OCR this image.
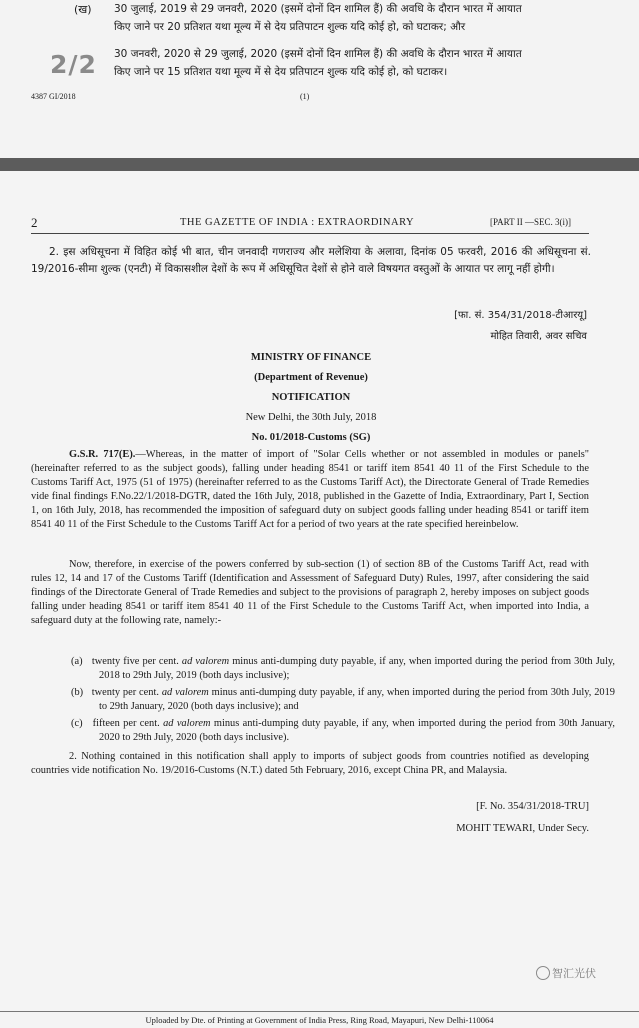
(ख) 30 जुलाई, 2019 से 29 जनवरी, 2020 (इसमें दोनों दिन शामिल हैं) की अवधि के दौरान भारत में आयात
किए जाने पर 20 प्रतिशत यथा मूल्य में से देय प्रतिपाटन शुल्क यदि कोई हो, को घटाकर; और
30 जनवरी, 2020 से 29 जुलाई, 2020 (इसमें दोनों दिन शामिल हैं) की अवधि के दौरान भारत में आयात
किए जाने पर 15 प्रतिशत यथा मूल्य में से देय प्रतिपाटन शुल्क यदि कोई हो, को घटाकर।
2/2
4387 GI/2018	(1)
2	THE GAZETTE OF INDIA : EXTRAORDINARY	[PART II —SEC. 3(i)]
2. इस अधिसूचना में विहित कोई भी बात, चीन जनवादी गणराज्य और मलेशिया के अलावा, दिनांक 05 फरवरी, 2016 की अधिसूचना सं. 19/2016-सीमा शुल्क (एनटी) में विकासशील देशों के रूप में अधिसूचित देशों से होने वाले विषयगत वस्तुओं के आयात पर लागू नहीं होगी।
[फा. सं. 354/31/2018-टीआरयू]
मोहित तिवारी, अवर सचिव
MINISTRY OF FINANCE
(Department of Revenue)
NOTIFICATION
New Delhi, the 30th July, 2018
No. 01/2018-Customs (SG)
G.S.R. 717(E).—Whereas, in the matter of import of "Solar Cells whether or not assembled in modules or panels" (hereinafter referred to as the subject goods), falling under heading 8541 or tariff item 8541 40 11 of the First Schedule to the Customs Tariff Act, 1975 (51 of 1975) (hereinafter referred to as the Customs Tariff Act), the Directorate General of Trade Remedies vide final findings F.No.22/1/2018-DGTR, dated the 16th July, 2018, published in the Gazette of India, Extraordinary, Part I, Section 1, on 16th July, 2018, has recommended the imposition of safeguard duty on subject goods falling under heading 8541 or tariff item 8541 40 11 of the First Schedule to the Customs Tariff Act for a period of two years at the rate specified hereinbelow.
Now, therefore, in exercise of the powers conferred by sub-section (1) of section 8B of the Customs Tariff Act, read with rules 12, 14 and 17 of the Customs Tariff (Identification and Assessment of Safeguard Duty) Rules, 1997, after considering the said findings of the Directorate General of Trade Remedies and subject to the provisions of paragraph 2, hereby imposes on subject goods falling under heading 8541 or tariff item 8541 40 11 of the First Schedule to the Customs Tariff Act, when imported into India, a safeguard duty at the following rate, namely:-
(a) twenty five per cent. ad valorem minus anti-dumping duty payable, if any, when imported during the period from 30th July, 2018 to 29th July, 2019 (both days inclusive);
(b) twenty per cent. ad valorem minus anti-dumping duty payable, if any, when imported during the period from 30th July, 2019 to 29th January, 2020 (both days inclusive); and
(c) fifteen per cent. ad valorem minus anti-dumping duty payable, if any, when imported during the period from 30th January, 2020 to 29th July, 2020 (both days inclusive).
2. Nothing contained in this notification shall apply to imports of subject goods from countries notified as developing countries vide notification No. 19/2016-Customs (N.T.) dated 5th February, 2016, except China PR, and Malaysia.
[F. No. 354/31/2018-TRU]
MOHIT TEWARI, Under Secy.
智汇光伏
Uploaded by Dte. of Printing at Government of India Press, Ring Road, Mayapuri, New Delhi-110064
